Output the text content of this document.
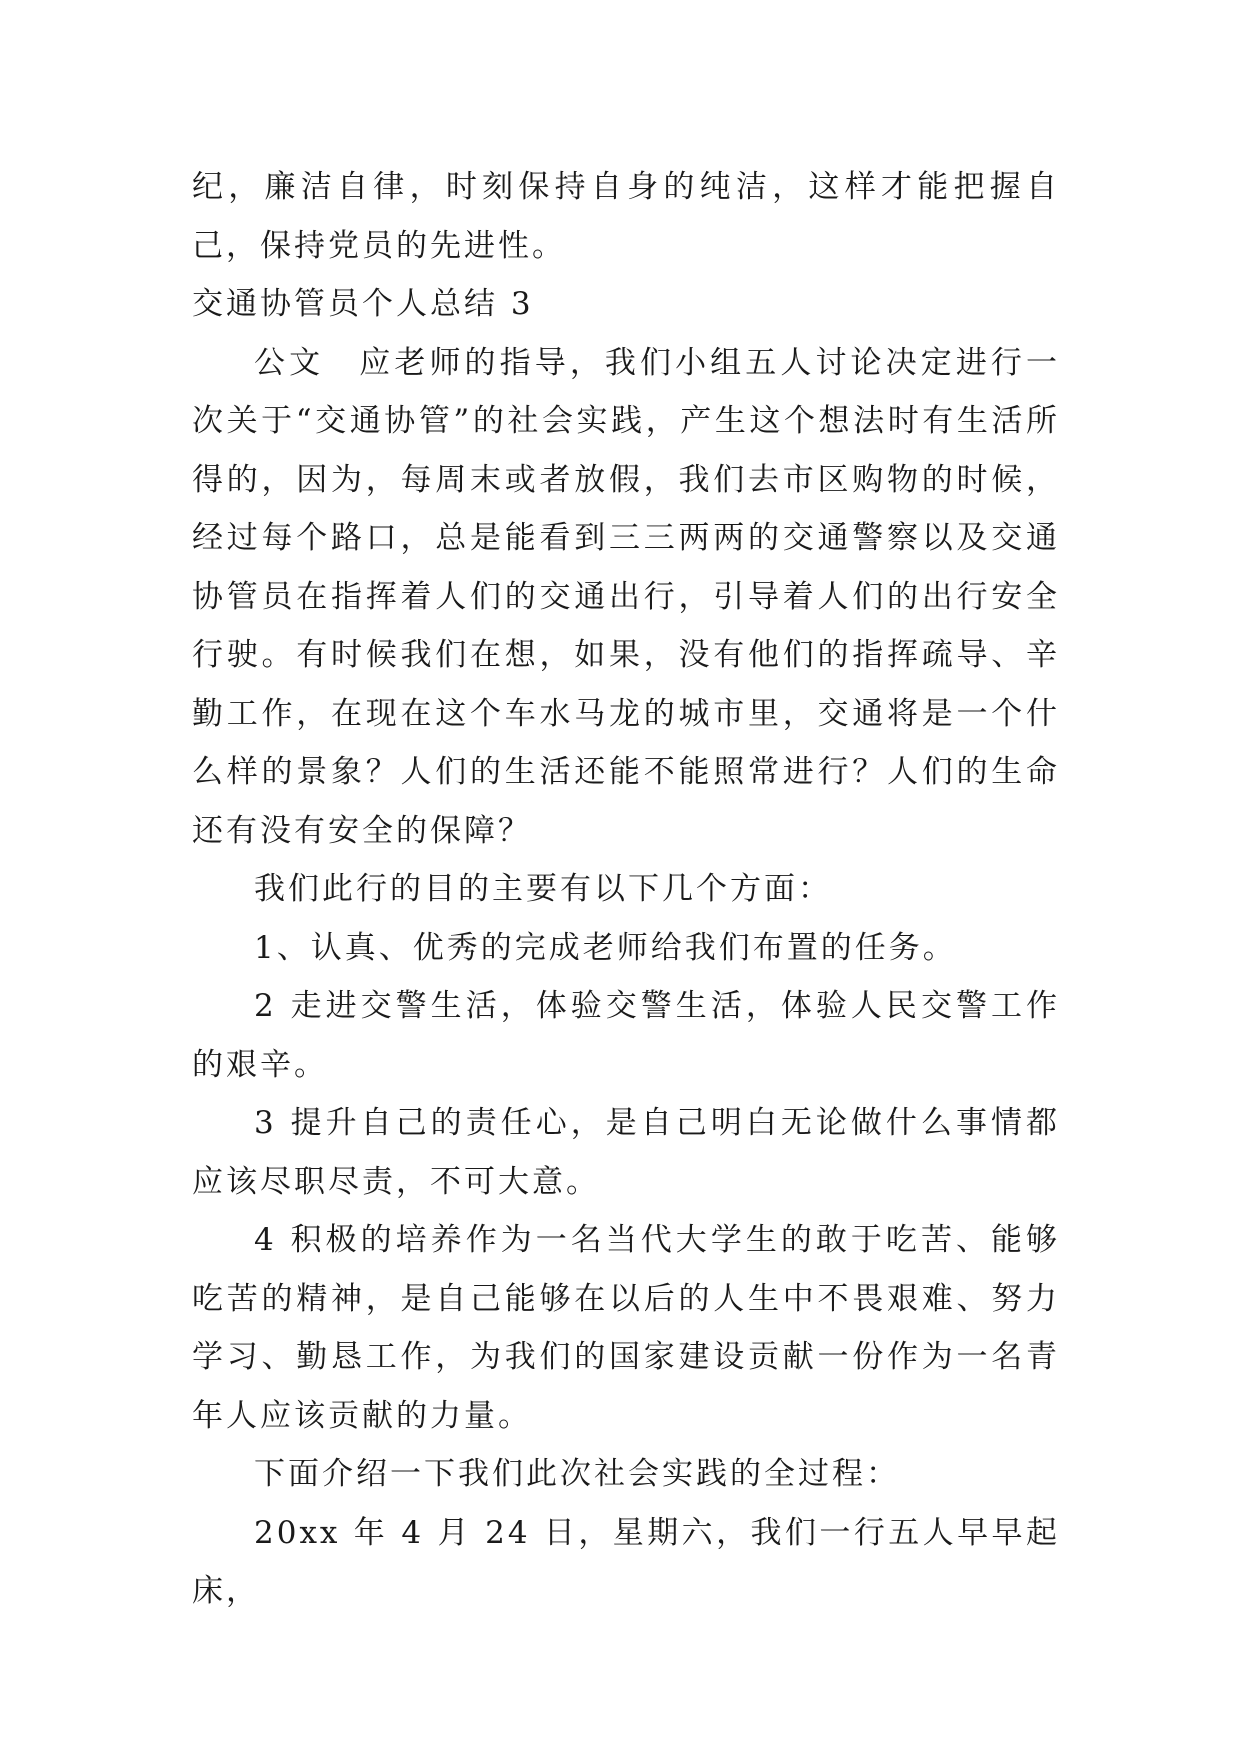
纪，廉洁自律，时刻保持自身的纯洁，这样才能把握自己，保持党员的先进性。

交通协管员个人总结 3

公文　应老师的指导，我们小组五人讨论决定进行一次关于“交通协管”的社会实践，产生这个想法时有生活所得的，因为，每周末或者放假，我们去市区购物的时候，经过每个路口，总是能看到三三两两的交通警察以及交通协管员在指挥着人们的交通出行，引导着人们的出行安全行驶。有时候我们在想，如果，没有他们的指挥疏导、辛勤工作，在现在这个车水马龙的城市里，交通将是一个什么样的景象？人们的生活还能不能照常进行？人们的生命还有没有安全的保障？

我们此行的目的主要有以下几个方面：

1、认真、优秀的完成老师给我们布置的任务。

2 走进交警生活，体验交警生活，体验人民交警工作的艰辛。

3 提升自己的责任心，是自己明白无论做什么事情都应该尽职尽责，不可大意。

4 积极的培养作为一名当代大学生的敢于吃苦、能够吃苦的精神，是自己能够在以后的人生中不畏艰难、努力学习、勤恳工作，为我们的国家建设贡献一份作为一名青年人应该贡献的力量。

下面介绍一下我们此次社会实践的全过程：

20xx 年 4 月 24 日，星期六，我们一行五人早早起床，
